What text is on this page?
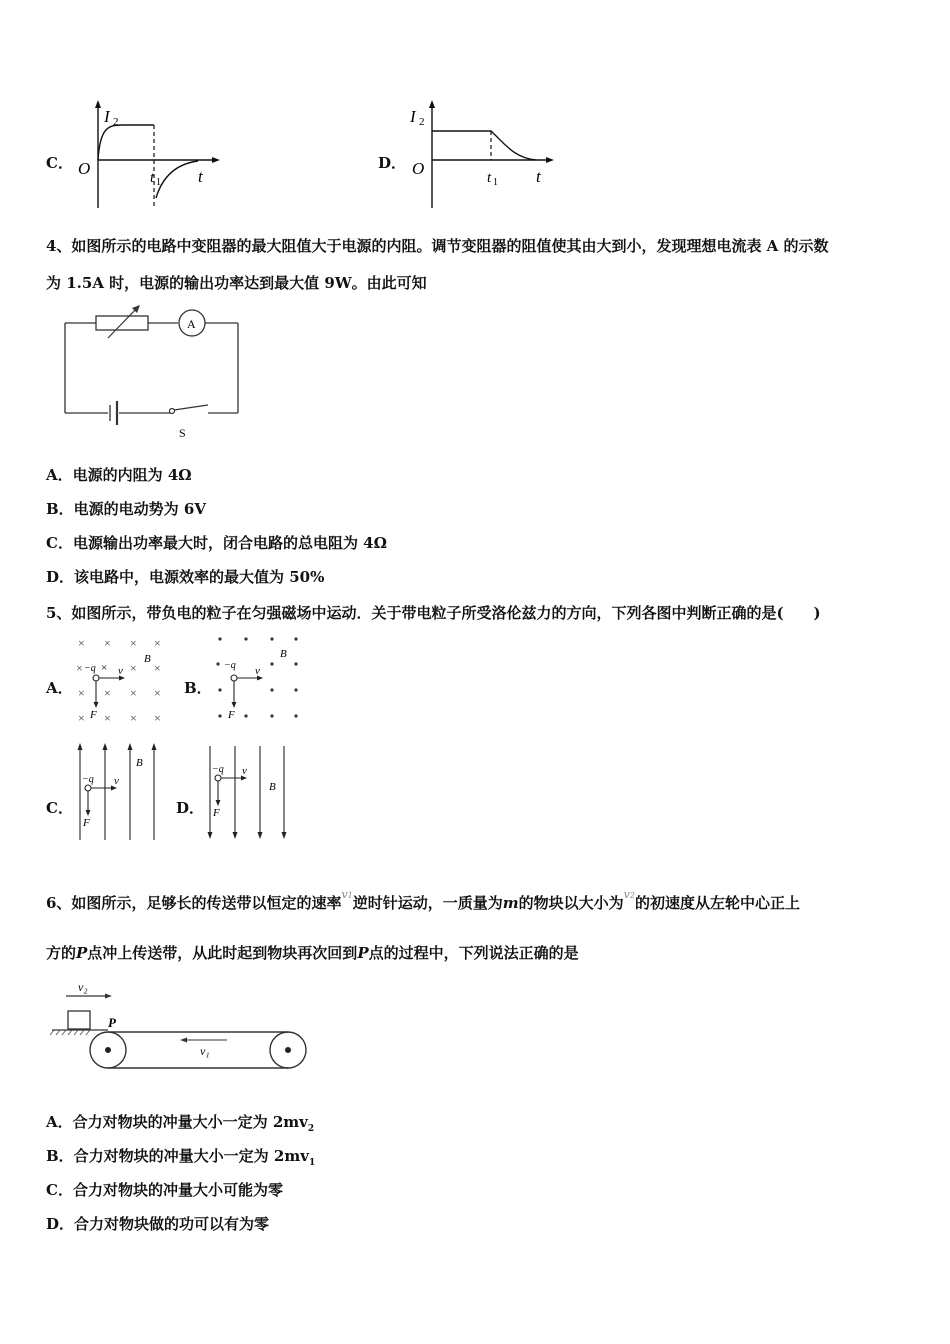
C．
I 2
O	t 1 t
D．
I 2
O	t 1 t
4、如图所示的电路中变阻器的最大阻值大于电源的内阻。调节变阻器的阻值使其由大到小，发现理想电流表 A 的示数
为 1.5A 时，电源的输出功率达到最大值 9W。由此可知
A
S
A．电源的内阻为 4Ω
B．电源的电动势为 6V
C．电源输出功率最大时，闭合电路的总电阻为 4Ω
D．该电路中，电源效率的最大值为 50%
5、如图所示，带负电的粒子在匀强磁场中运动．关于带电粒子所受洛伦兹力的方向，下列各图中判断正确的是(　　)
A．
× × × ×
× ×
× × × ×
× × × ×
× −q ×
B
v
F
B．
−q
B
v
F
C．
B
−q v
F
D．
B
−q v
F
6、如图所示，足够长的传送带以恒定的速率$^{v1}$逆时针运动，一质量为m的物块以大小为$^{v2}$的初速度从左轮中心正上
方的P点冲上传送带，从此时起到物块再次回到P点的过程中，下列说法正确的是
v₂
P
v₁
A．合力对物块的冲量大小一定为 $2mv_2$
B．合力对物块的冲量大小一定为 $2mv_1$
C．合力对物块的冲量大小可能为零
D．合力对物块做的功可以有为零
